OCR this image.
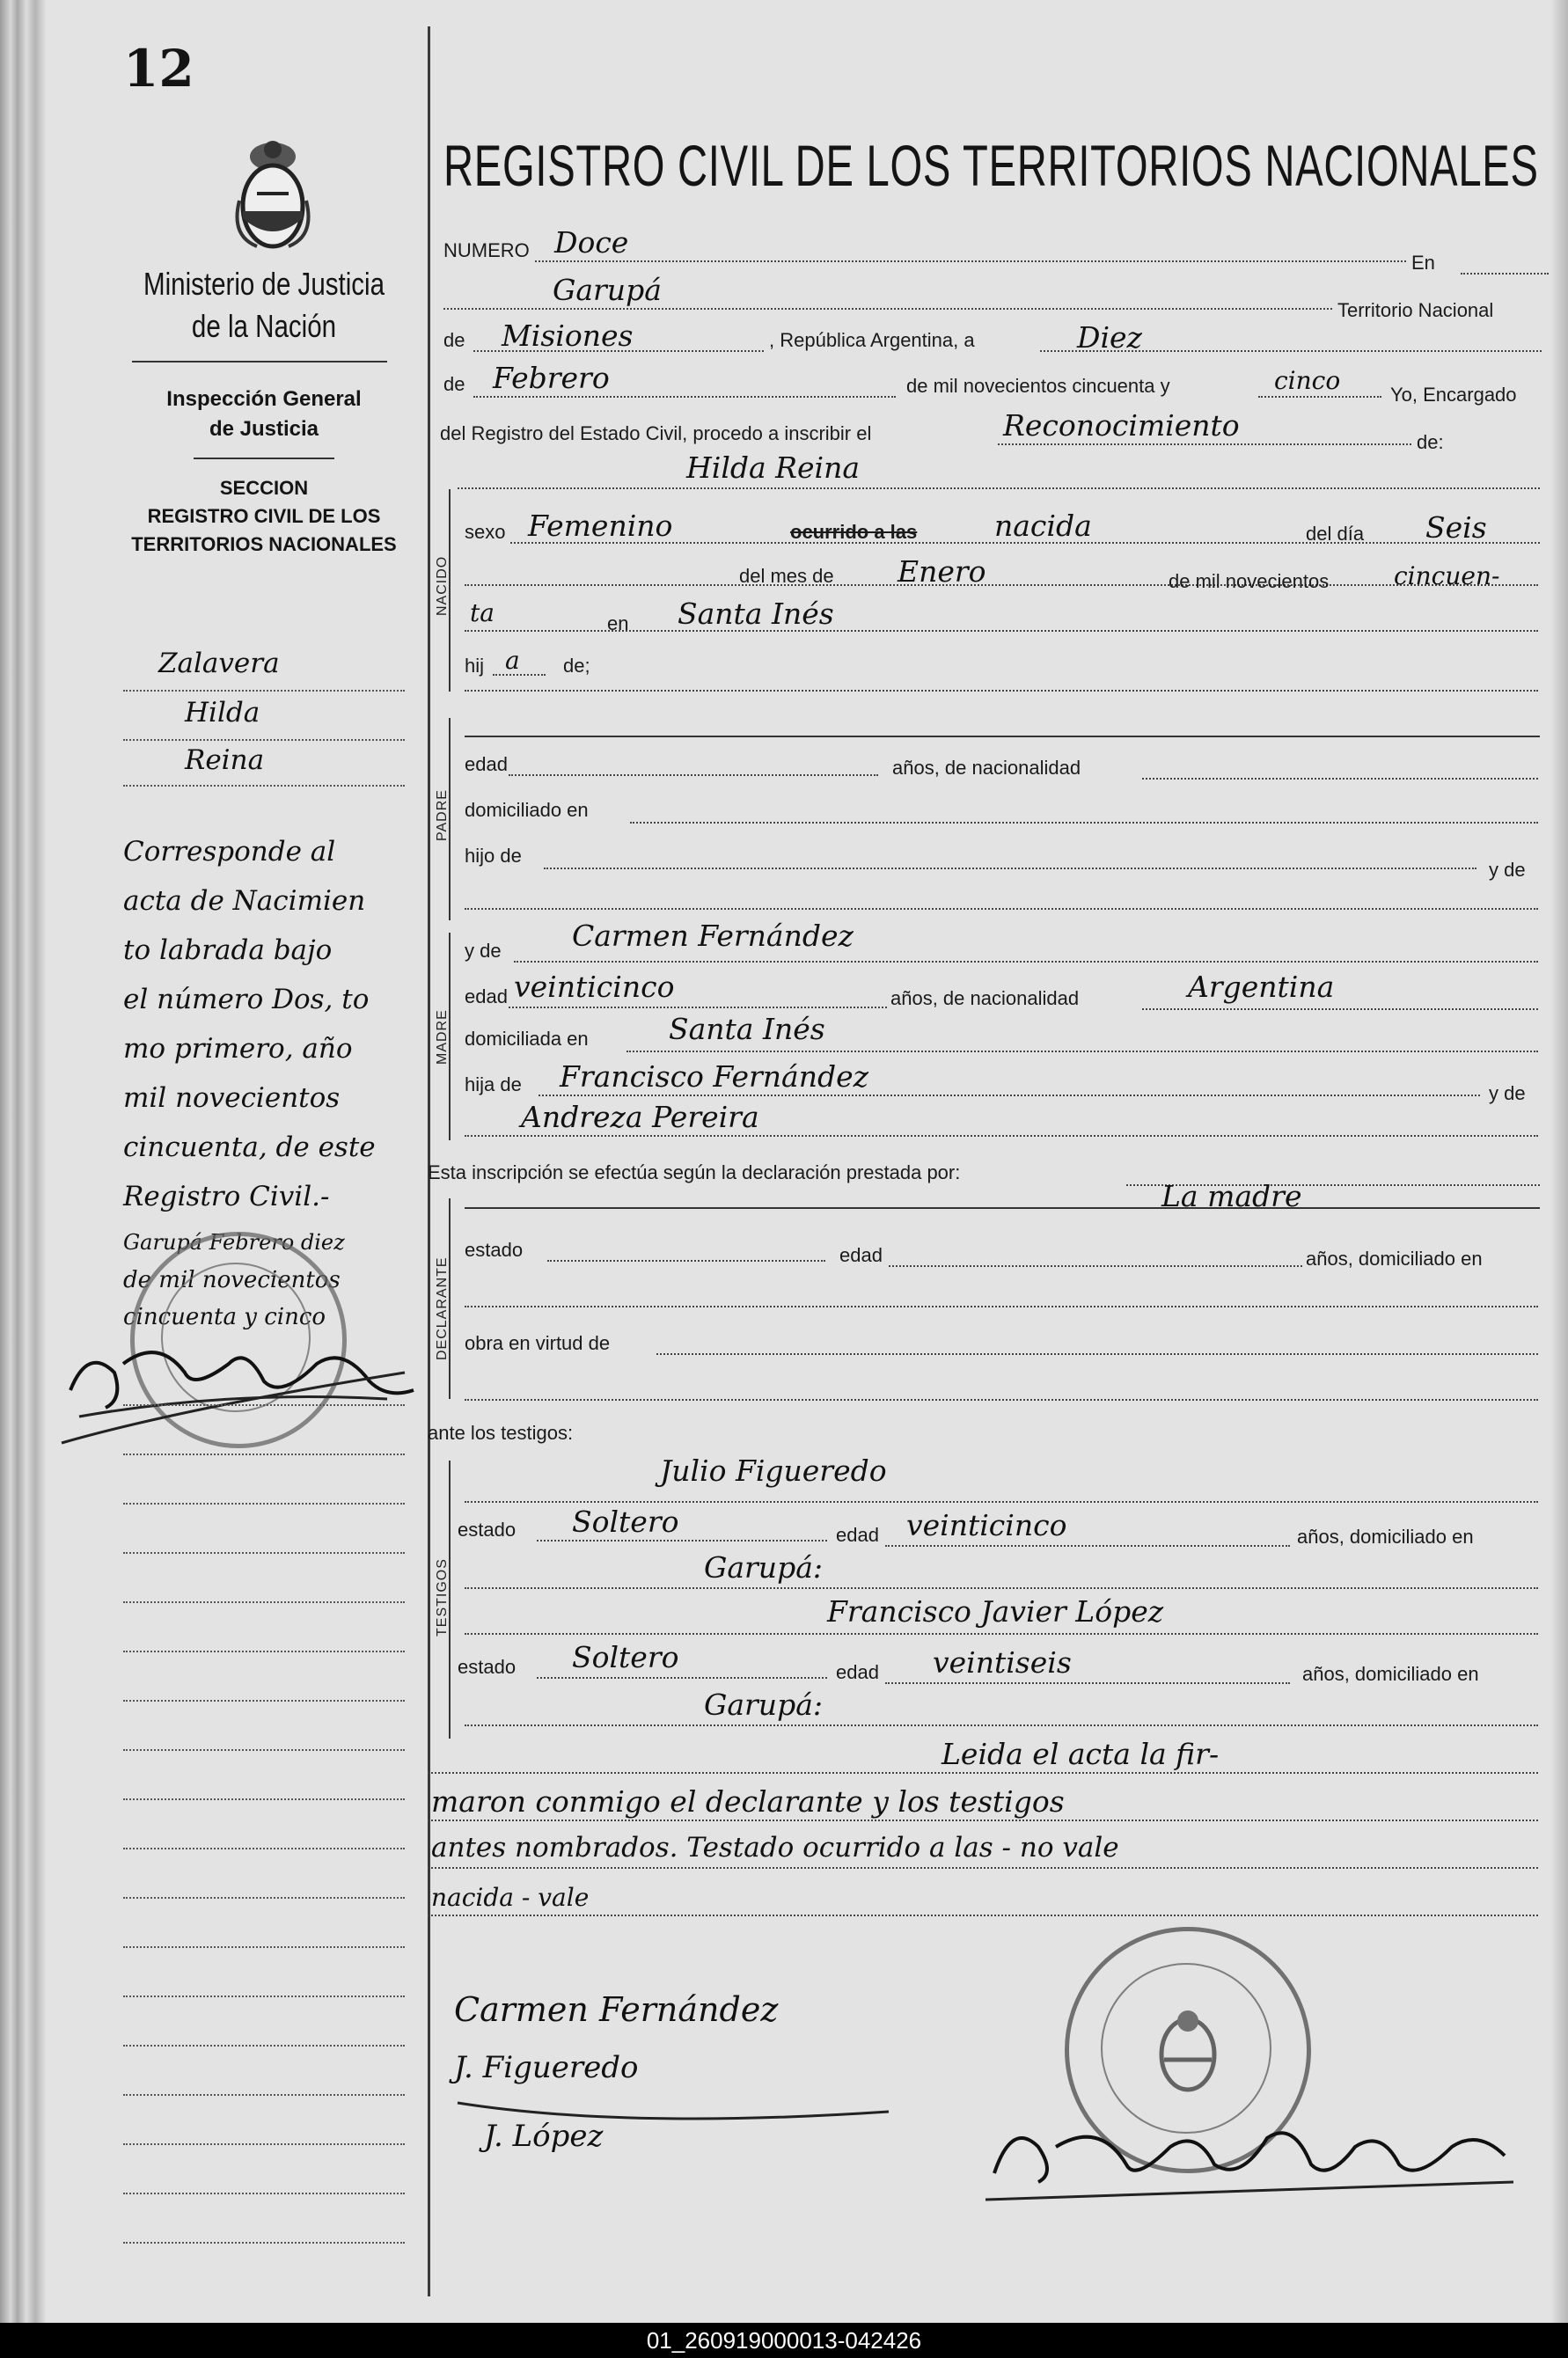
12
Ministerio de Justicia
de la Nación
Inspección General
de Justicia
SECCION
REGISTRO CIVIL DE LOS
TERRITORIOS NACIONALES
Zalavera
Hilda
Reina
Corresponde al
acta de Nacimien
to labrada bajo
el número Dos, to
mo primero, año
mil novecientos
cincuenta, de este
Registro Civil.-
Garupá Febrero diez
de mil novecientos
cincuenta y cinco
REGISTRO CIVIL DE LOS TERRITORIOS NACIONALES
NUMERO Doce
En
Garupá
Territorio Nacional
de Misiones	, República Argentina, a	Diez
de Febrero	de mil novecientos cincuenta y	cinco	Yo, Encargado
del Registro del Estado Civil, procedo a inscribir el	Reconocimiento	de:
Hilda Reina
NACIDO
sexo Femenino	ocurrido a las	nacida	del día Seis
del mes de Enero	de mil novecientos	cincuen-
ta	en Santa Inés
hij a de;
PADRE
edad	años, de nacionalidad
domiciliado en
hijo de
y de
MADRE
y de Carmen Fernández
edad veinticinco	años, de nacionalidad	Argentina
domiciliada en	Santa Inés
hija de Francisco Fernández	y de
Andreza Pereira
Esta inscripción se efectúa según la declaración prestada por:
La madre
DECLARANTE
estado	edad	años, domiciliado en
obra en virtud de
ante los testigos:
TESTIGOS
Julio Figueredo
estado Soltero	edad veinticinco	años, domiciliado en
Garupá:
Francisco Javier López
estado Soltero	edad veintiseis	años, domiciliado en
Garupá:
Leida el acta la fir-
maron conmigo el declarante y los testigos
antes nombrados. Testado ocurrido a las - no vale
nacida - vale
Carmen Fernández
J. Figueredo
J. López
01_260919000013-042426
